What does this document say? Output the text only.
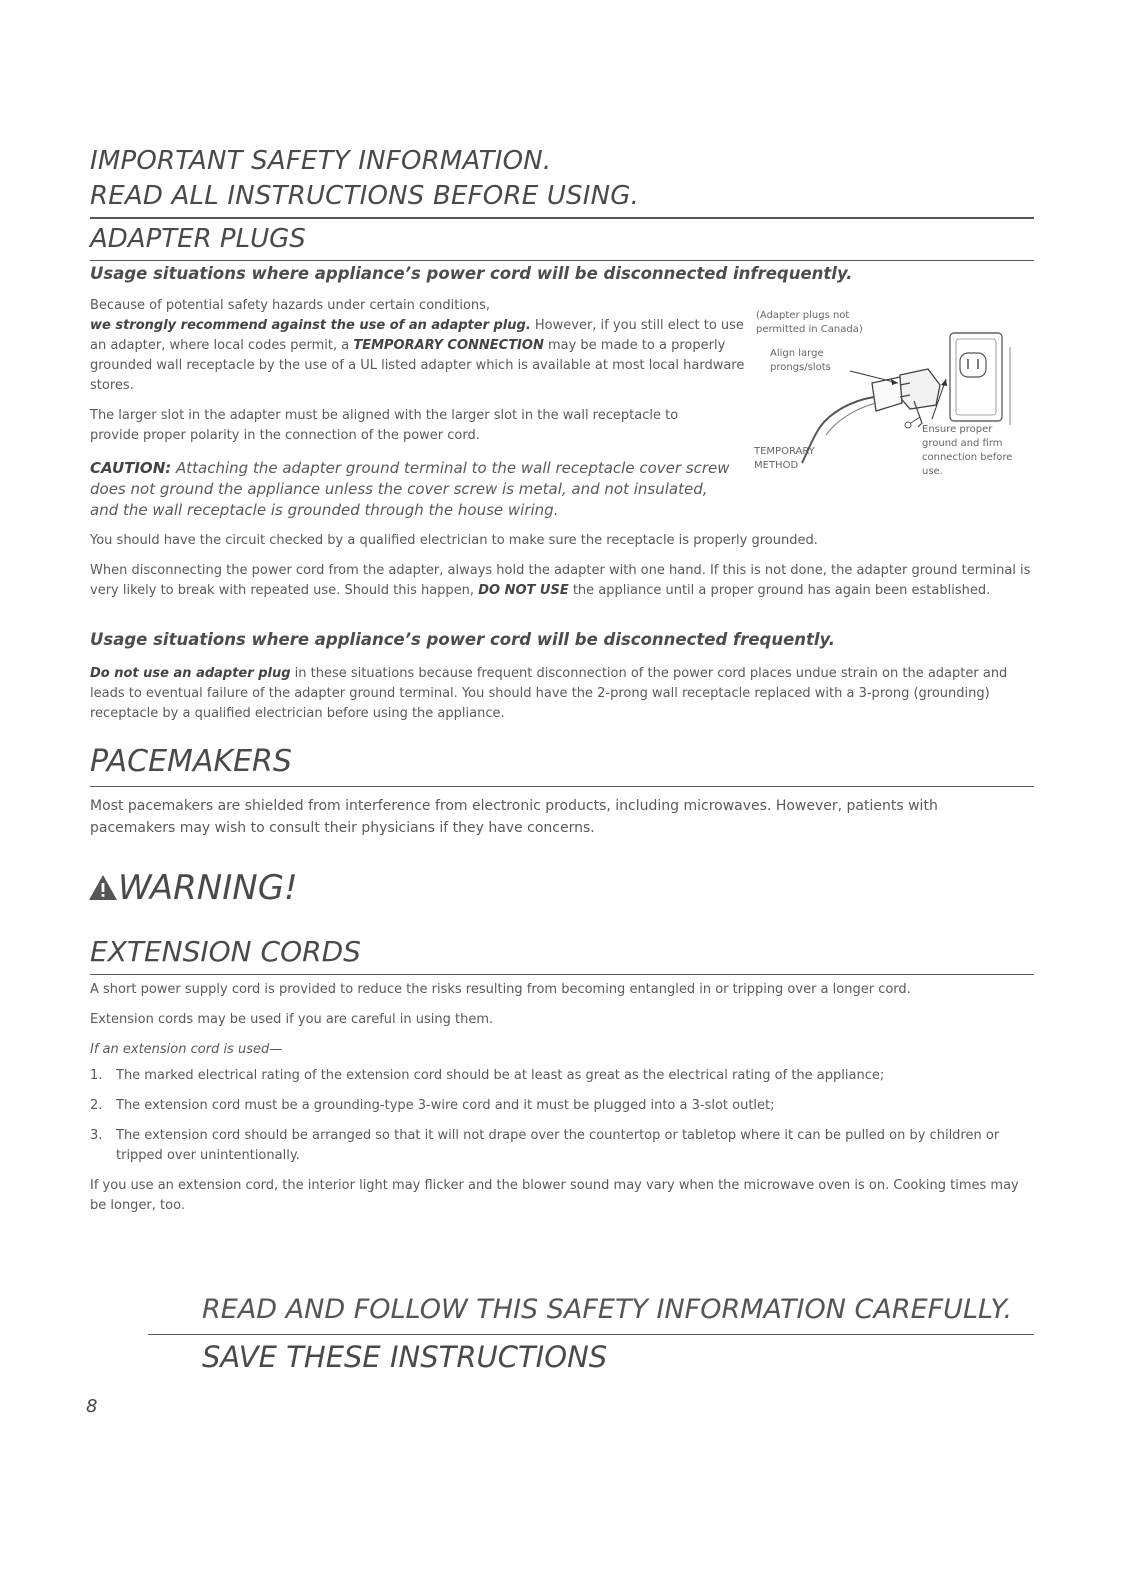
IMPORTANT SAFETY INFORMATION.
READ ALL INSTRUCTIONS BEFORE USING.
ADAPTER PLUGS
Usage situations where appliance’s power cord will be disconnected infrequently.
Because of potential safety hazards under certain conditions,
we strongly recommend against the use of an adapter plug. However, if you still elect to use an adapter, where local codes permit, a TEMPORARY CONNECTION may be made to a properly grounded wall receptacle by the use of a UL listed adapter which is available at most local hardware stores.
The larger slot in the adapter must be aligned with the larger slot in the wall receptacle to provide proper polarity in the connection of the power cord.
CAUTION: Attaching the adapter ground terminal to the wall receptacle cover screw does not ground the appliance unless the cover screw is metal, and not insulated, and the wall receptacle is grounded through the house wiring.
You should have the circuit checked by a qualified electrician to make sure the receptacle is properly grounded.
When disconnecting the power cord from the adapter, always hold the adapter with one hand. If this is not done, the adapter ground terminal is very likely to break with repeated use. Should this happen, DO NOT USE the appliance until a proper ground has again been established.
Usage situations where appliance’s power cord will be disconnected frequently.
Do not use an adapter plug in these situations because frequent disconnection of the power cord places undue strain on the adapter and leads to eventual failure of the adapter ground terminal. You should have the 2-prong wall receptacle replaced with a 3-prong (grounding) receptacle by a qualified electrician before using the appliance.
(Adapter plugs not
permitted in Canada)
Align large
prongs/slots
TEMPORARY
METHOD
Ensure proper
ground and firm
connection before
use.
PACEMAKERS
Most pacemakers are shielded from interference from electronic products, including microwaves. However, patients with pacemakers may wish to consult their physicians if they have concerns.
WARNING!
EXTENSION CORDS
A short power supply cord is provided to reduce the risks resulting from becoming entangled in or tripping over a longer cord.
Extension cords may be used if you are careful in using them.
If an extension cord is used—
1. The marked electrical rating of the extension cord should be at least as great as the electrical rating of the appliance;
2. The extension cord must be a grounding-type 3-wire cord and it must be plugged into a 3-slot outlet;
3. The extension cord should be arranged so that it will not drape over the countertop or tabletop where it can be pulled on by children or tripped over unintentionally.
If you use an extension cord, the interior light may flicker and the blower sound may vary when the microwave oven is on. Cooking times may be longer, too.
READ AND FOLLOW THIS SAFETY INFORMATION CAREFULLY.
SAVE THESE INSTRUCTIONS
8
